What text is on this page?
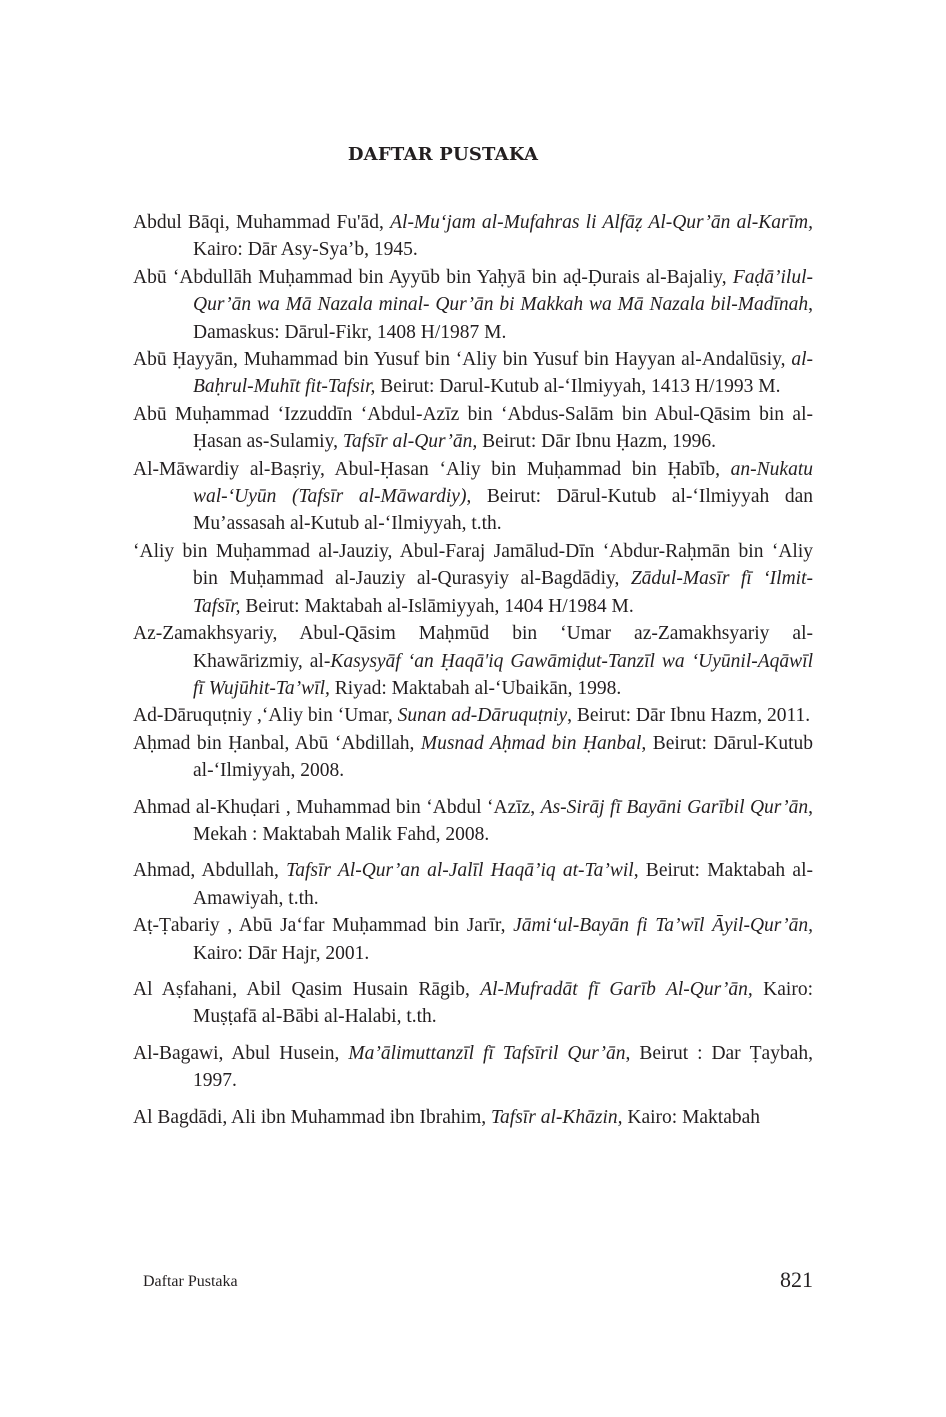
DAFTAR PUSTAKA

Abdul Bāqi, Muhammad Fu'ād, Al-Mu‘jam al-Mufahras li Alfāẓ Al-Qur’ān al-Karīm, Kairo: Dār Asy-Sya’b, 1945.

Abū ‘Abdullāh Muḥammad bin Ayyūb bin Yaḥyā bin aḍ-Ḍurais al-Bajaliy, Faḍā’ilul-Qur’ān wa Mā Nazala minal- Qur’ān bi Makkah wa Mā Nazala bil-Madīnah, Damaskus: Dārul-Fikr, 1408 H/1987 M.

Abū Ḥayyān, Muhammad bin Yusuf bin ‘Aliy bin Yusuf bin Hayyan al-Andalūsiy, al-Baḥrul-Muhīt fit-Tafsir, Beirut: Darul-Kutub al-‘Ilmiyyah, 1413 H/1993 M.

Abū Muḥammad ‘Izzuddīn ‘Abdul-Azīz bin ‘Abdus-Salām bin Abul-Qāsim bin al-Ḥasan as-Sulamiy, Tafsīr al-Qur’ān, Beirut: Dār Ibnu Ḥazm, 1996.

Al-Māwardiy al-Baṣriy, Abul-Ḥasan ‘Aliy bin Muḥammad bin Ḥabīb, an-Nukatu wal-‘Uyūn (Tafsīr al-Māwardiy), Beirut: Dārul-Kutub al-‘Ilmiyyah dan Mu’assasah al-Kutub al-‘Ilmiyyah, t.th.

‘Aliy bin Muḥammad al-Jauziy, Abul-Faraj Jamālud-Dīn ‘Abdur-Raḥmān bin ‘Aliy bin Muḥammad al-Jauziy al-Qurasyiy al-Bagdādiy, Zādul-Masīr fī ‘Ilmit-Tafsīr, Beirut: Maktabah al-Islāmiyyah, 1404 H/1984 M.

Az-Zamakhsyariy, Abul-Qāsim Maḥmūd bin ‘Umar az-Zamakhsyariy al-Khawārizmiy, al-Kasysyāf ‘an Ḥaqā'iq Gawāmiḍut-Tanzīl wa ‘Uyūnil-Aqāwīl fī Wujūhit-Ta’wīl, Riyad: Maktabah al-‘Ubaikān, 1998.

Ad-Dāruquṭniy ,‘Aliy bin ‘Umar, Sunan ad-Dāruquṭniy, Beirut: Dār Ibnu Hazm, 2011.

Aḥmad bin Ḥanbal, Abū ‘Abdillah, Musnad Aḥmad bin Ḥanbal, Beirut: Dārul-Kutub al-‘Ilmiyyah, 2008.

Ahmad al-Khuḍari , Muhammad bin ‘Abdul ‘Azīz, As-Sirāj fī Bayāni Garībil Qur’ān, Mekah : Maktabah Malik Fahd, 2008.

Ahmad, Abdullah, Tafsīr Al-Qur’an al-Jalīl Haqā’iq at-Ta’wil, Beirut: Maktabah al-Amawiyah, t.th.

Aṭ-Ṭabariy , Abū Ja‘far Muḥammad bin Jarīr, Jāmi‘ul-Bayān fi Ta’wīl Āyil-Qur’ān, Kairo: Dār Hajr, 2001.

Al Aṣfahani, Abil Qasim Husain Rāgib, Al-Mufradāt fī Garīb Al-Qur’ān, Kairo: Muṣṭafā al-Bābi al-Halabi, t.th.

Al-Bagawi, Abul Husein, Ma’ālimuttanzīl fī Tafsīril Qur’ān, Beirut : Dar Ṭaybah, 1997.

Al Bagdādi, Ali ibn Muhammad ibn Ibrahim, Tafsīr al-Khāzin, Kairo: Maktabah

Daftar Pustaka	821
